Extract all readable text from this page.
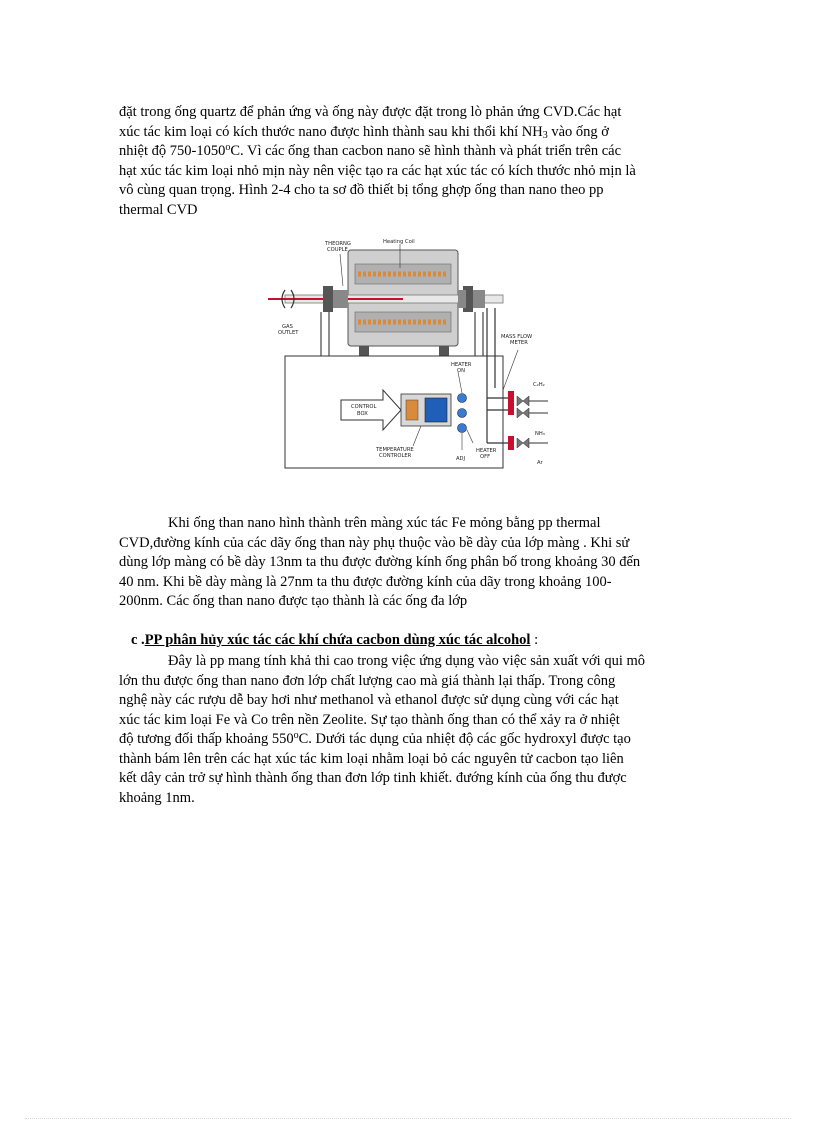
đặt trong ống quartz để phản ứng và ống này được đặt trong lò phản ứng CVD.Các hạt
xúc tác kim loại có kích thước nano được hình thành sau khi thổi khí $NH_3$ vào ống ở
nhiệt độ 750-1050$^o$C. Vì các ống than cacbon nano sẽ hình thành và phát triển trên các
hạt xúc tác kim loại nhỏ mịn này nên việc tạo ra các hạt xúc tác có kích thước nhỏ mịn là
vô cùng quan trọng. Hình 2-4 cho ta sơ đồ thiết bị tổng ghợp ống than nano theo pp
thermal CVD
THEORNG
COUPLE
Heating Coil
GAS
OUTLET
MASS FLOW
METER
HEATER
ON
CONTROL
BOX
TEMPERATURE
CONTROLER	ADJ
HEATER
OFF
C₂H₂
NH₃
Ar
Khi ống than nano hình thành trên màng xúc tác Fe mỏng bằng pp thermal
CVD,đường kính của các dãy ống than này phụ thuộc vào bề dày của lớp màng . Khi sử
dùng lớp màng có bề dày 13nm ta thu được đường kính ống phân bố trong khoảng 30 đến
40 nm. Khi bề dày màng là 27nm ta thu được đường kính của dãy trong khoảng 100-
200nm. Các ống than nano được tạo thành là các ống đa lớp
c .PP phân hủy xúc tác các khí chứa cacbon dùng xúc tác alcohol :
Đây là pp mang tính khả thi cao trong việc ứng dụng vào việc sản xuất với qui mô
lớn thu được ống than nano đơn lớp chất lượng cao mà giá thành lại thấp. Trong công
nghệ này các rượu dễ bay hơi như methanol và ethanol được sử dụng cùng với các hạt
xúc tác kim loại Fe và Co trên nền Zeolite. Sự tạo thành ống than có thể xảy ra ở nhiệt
độ tương đối thấp khoảng 550$^o$C. Dưới tác dụng của nhiệt độ các gốc hydroxyl được tạo
thành bám lên trên các hạt xúc tác kim loại nhằm loại bỏ các nguyên tử cacbon tạo liên
kết dây cản trở sự hình thành ống than đơn lớp tinh khiết. đướng kính của ống thu được
khoảng 1nm.
